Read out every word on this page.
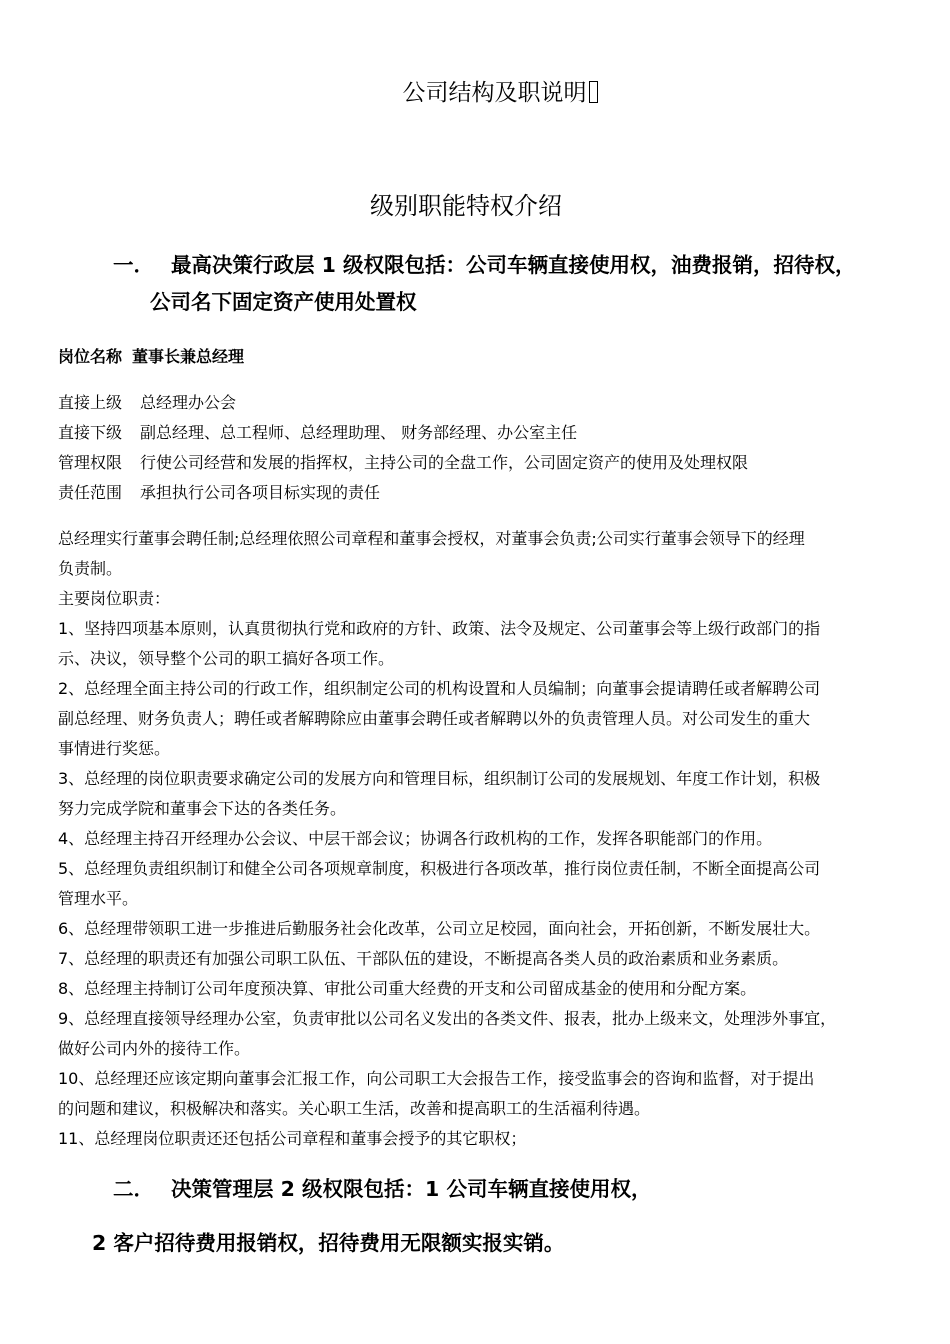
公司结构及职说明
级别职能特权介绍
一． 最高决策行政层 1 级权限包括：公司车辆直接使用权，油费报销，招待权，
公司名下固定资产使用处置权
岗位名称 董事长兼总经理
直接上级 总经理办公会
直接下级 副总经理、总工程师、总经理助理、 财务部经理、办公室主任
管理权限 行使公司经营和发展的指挥权，主持公司的全盘工作，公司固定资产的使用及处理权限
责任范围 承担执行公司各项目标实现的责任
总经理实行董事会聘任制;总经理依照公司章程和董事会授权，对董事会负责;公司实行董事会领导下的经理
负责制。
主要岗位职责：
1、坚持四项基本原则，认真贯彻执行党和政府的方针、政策、法令及规定、公司董事会等上级行政部门的指
示、决议，领导整个公司的职工搞好各项工作。
2、总经理全面主持公司的行政工作，组织制定公司的机构设置和人员编制；向董事会提请聘任或者解聘公司
副总经理、财务负责人；聘任或者解聘除应由董事会聘任或者解聘以外的负责管理人员。对公司发生的重大
事情进行奖惩。
3、总经理的岗位职责要求确定公司的发展方向和管理目标，组织制订公司的发展规划、年度工作计划，积极
努力完成学院和董事会下达的各类任务。
4、总经理主持召开经理办公会议、中层干部会议；协调各行政机构的工作，发挥各职能部门的作用。
5、总经理负责组织制订和健全公司各项规章制度，积极进行各项改革，推行岗位责任制，不断全面提高公司
管理水平。
6、总经理带领职工进一步推进后勤服务社会化改革，公司立足校园，面向社会，开拓创新，不断发展壮大。
7、总经理的职责还有加强公司职工队伍、干部队伍的建设，不断提高各类人员的政治素质和业务素质。
8、总经理主持制订公司年度预决算、审批公司重大经费的开支和公司留成基金的使用和分配方案。
9、总经理直接领导经理办公室，负责审批以公司名义发出的各类文件、报表，批办上级来文，处理涉外事宜，
做好公司内外的接待工作。
10、总经理还应该定期向董事会汇报工作，向公司职工大会报告工作，接受监事会的咨询和监督，对于提出
的问题和建议，积极解决和落实。关心职工生活，改善和提高职工的生活福利待遇。
11、总经理岗位职责还还包括公司章程和董事会授予的其它职权；
二． 决策管理层 2 级权限包括：1 公司车辆直接使用权，
2 客户招待费用报销权，招待费用无限额实报实销。
